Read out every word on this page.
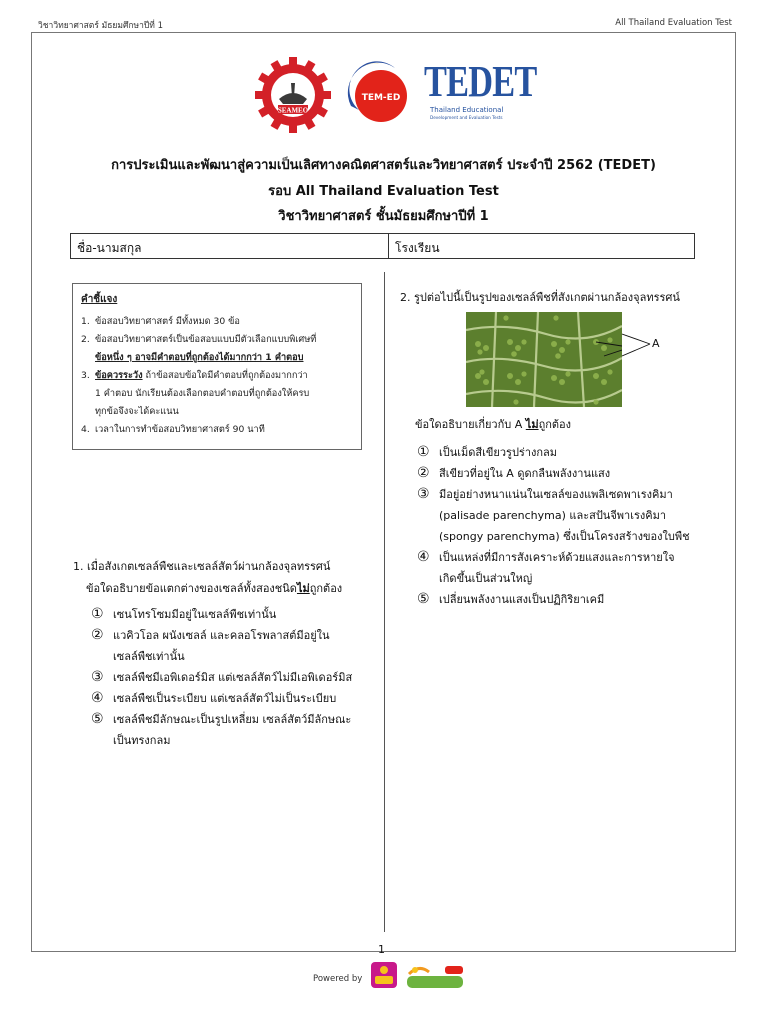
วิชาวิทยาศาสตร์ มัธยมศึกษาปีที่ 1	All Thailand Evaluation Test
SEAMEO
TEM-ED TEDET
Thailand Educational
Development and Evaluation Tests
การประเมินและพัฒนาสู่ความเป็นเลิศทางคณิตศาสตร์และวิทยาศาสตร์ ประจำปี 2562 (TEDET)
รอบ All Thailand Evaluation Test
วิชาวิทยาศาสตร์ ชั้นมัธยมศึกษาปีที่ 1
ชื่อ-นามสกุล	โรงเรียน
คำชี้แจง
1. ข้อสอบวิทยาศาสตร์ มีทั้งหมด 30 ข้อ
2. ข้อสอบวิทยาศาสตร์เป็นข้อสอบแบบมีตัวเลือกแบบพิเศษที่
ข้อหนึ่ง ๆ อาจมีคำตอบที่ถูกต้องได้มากกว่า 1 คำตอบ
3. ข้อควรระวัง ถ้าข้อสอบข้อใดมีคำตอบที่ถูกต้องมากกว่า
1 คำตอบ นักเรียนต้องเลือกตอบคำตอบที่ถูกต้องให้ครบ
ทุกข้อจึงจะได้คะแนน
4. เวลาในการทำข้อสอบวิทยาศาสตร์ 90 นาที
1. เมื่อสังเกตเซลล์พืชและเซลล์สัตว์ผ่านกล้องจุลทรรศน์
ข้อใดอธิบายข้อแตกต่างของเซลล์ทั้งสองชนิดไม่ถูกต้อง
① เซนโทรโซมมีอยู่ในเซลล์พืชเท่านั้น
② แวคิวโอล ผนังเซลล์ และคลอโรพลาสต์มีอยู่ใน
เซลล์พืชเท่านั้น
③ เซลล์พืชมีเอพิเดอร์มิส แต่เซลล์สัตว์ไม่มีเอพิเดอร์มิส
④ เซลล์พืชเป็นระเบียบ แต่เซลล์สัตว์ไม่เป็นระเบียบ
⑤ เซลล์พืชมีลักษณะเป็นรูปเหลี่ยม เซลล์สัตว์มีลักษณะ
เป็นทรงกลม
2. รูปต่อไปนี้เป็นรูปของเซลล์พืชที่สังเกตผ่านกล้องจุลทรรศน์
A
ข้อใดอธิบายเกี่ยวกับ A ไม่ถูกต้อง
① เป็นเม็ดสีเขียวรูปร่างกลม
② สีเขียวที่อยู่ใน A ดูดกลืนพลังงานแสง
③ มีอยู่อย่างหนาแน่นในเซลล์ของแพลิเซดพาเรงคิมา
(palisade parenchyma) และสปันจีพาเรงคิมา
(spongy parenchyma) ซึ่งเป็นโครงสร้างของใบพืช
④ เป็นแหล่งที่มีการสังเคราะห์ด้วยแสงและการหายใจ
เกิดขึ้นเป็นส่วนใหญ่
⑤ เปลี่ยนพลังงานแสงเป็นปฏิกิริยาเคมี
1
Powered by
